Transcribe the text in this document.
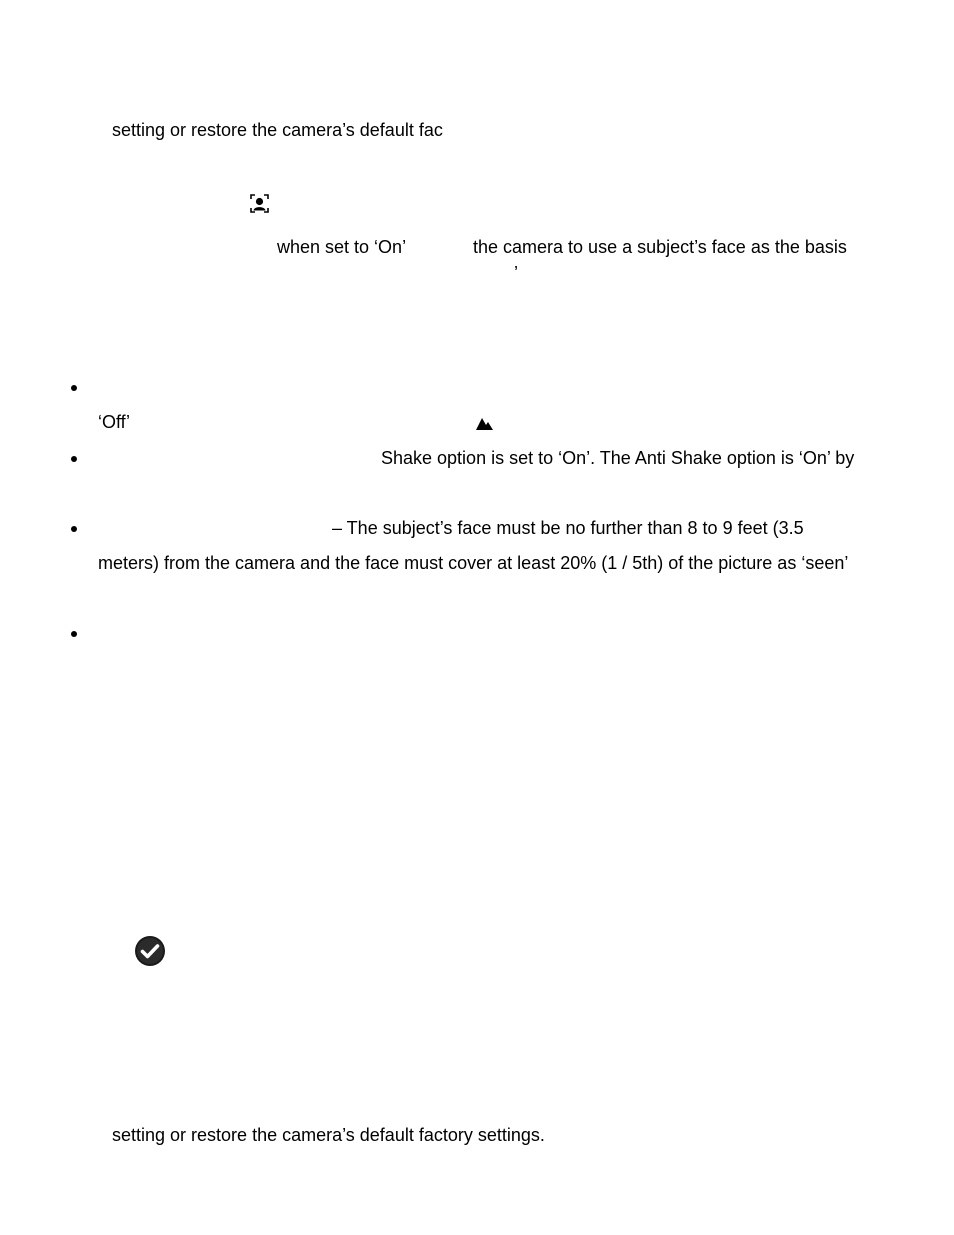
setting or restore the camera’s default fac
when set to ‘On’	the camera to use a subject’s face as the basis
’
‘Off’
Shake option is set to ‘On’. The Anti Shake option is ‘On’ by
– The subject’s face must be no further than 8 to 9 feet (3.5
meters) from the camera and the face must cover at least 20% (1 / 5th) of the picture as ‘seen’
setting or restore the camera’s default factory settings.
